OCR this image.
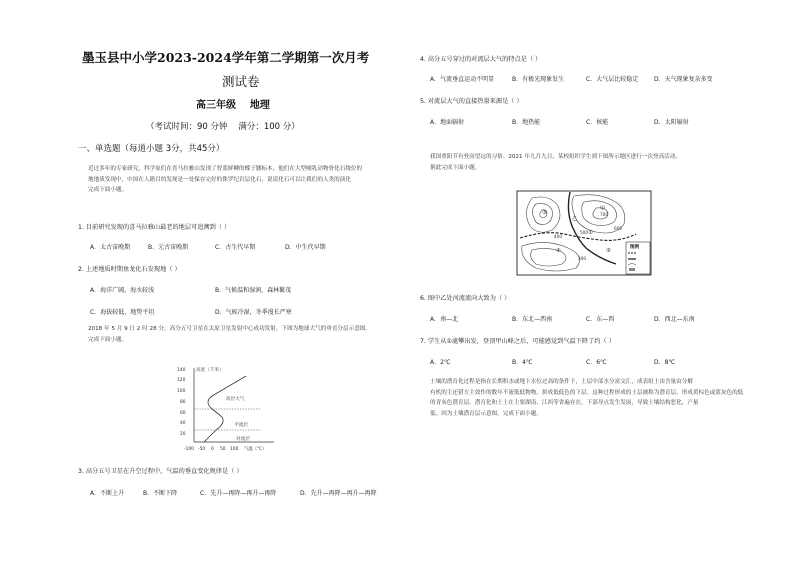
墨玉县中小学2023-2024学年第二学期第一次月考
测试卷
高三年级    地理
（考试时间：90 分钟    满分：100 分）
一、单选题（每道小题 3分，共45分）
近过多年的专家研究，科学家们在喜马拉雅山发现了智蓝鲜鳞的蝶子腰标本，他们在大型哺乳动物骨化石级位的
地地质发现中，中国在人籍目的发现是一处保存完好的侏罗纪岩层化石，说说化石可以让我们的人类的演化
完成下面小题。
1. 目前研究发现的喜马拉雅山最老的地层可追溯到（ ）
A．太古宙晚期	B．元古宙晚期	C．古生代早期	D．中生代早期
2. 上述地质时期鱼龙化石发现地（ ）
A．海洋广阔，海水较浅	B．气候温和湿润，森林繁茂
C．海拔较低，地势平坦	D．气候冷湿，冬季漫长严寒
2018 年 5 月 9 日 2 时 28 分，高分五号卫星在太原卫星发射中心成功发射。下图为地球大气的垂直分层示意图。
完成下面小题。
高度（千米）
140
120
100
80
60
40
20
高层大气
平流层
对流层
-100 -50 0 50 100 气温（℃）
3. 高分五号卫星在升空过程中，气温的垂直变化规律是（ ）
A．不断上升	B．不断下降	C．先升—再降—再升—再降	D．先升—再降—再升—再降
4. 高分五号穿过的对流层大气的特点是（ ）
A．气流垂直运动不明显	B．有极光现象发生	C．大气层比较稳定	D．天气现象复杂多变
5. 对流层大气的直接热量来源是（ ）
A．地面辐射	B．地热能	C．核能	D．太阳辐射
我国重阳节有登高望远的习俗。2021 年九月九日，某校组织学生到下图所示地区进行一次登高活动。
据此完成下面小题。
400
500
600
700
300
①
②
③
④
甲
乙
图例
6. 图中乙处河流流向大致为（ ）
A．南—北	B．东北—西南	C．东—西	D．西北—东南
7. 学生从①處攀出发，登顶甲山峰之后，可能感觉到气温下降了约（ ）
A．2℃	B．4℃	C．6℃	D．8℃
土壤的潜育化过程是指在长期积水或地下水位过高的条件下，土层中部水分富交汇，成表组土由含量由分解
有机的主还错方主效作的数年不流低低物物，拼成低低色的下层。这种过程形成的土层被称为潜育层，形成黄棕色或蓝灰色的低
的青灰色潜育层。潜育化和土土在主要湖南、江西等省遍存在，下部导点发生发展，导致土壤结构恶化，产量
低。因为土壤潜育层示意图。完成下面小题。
